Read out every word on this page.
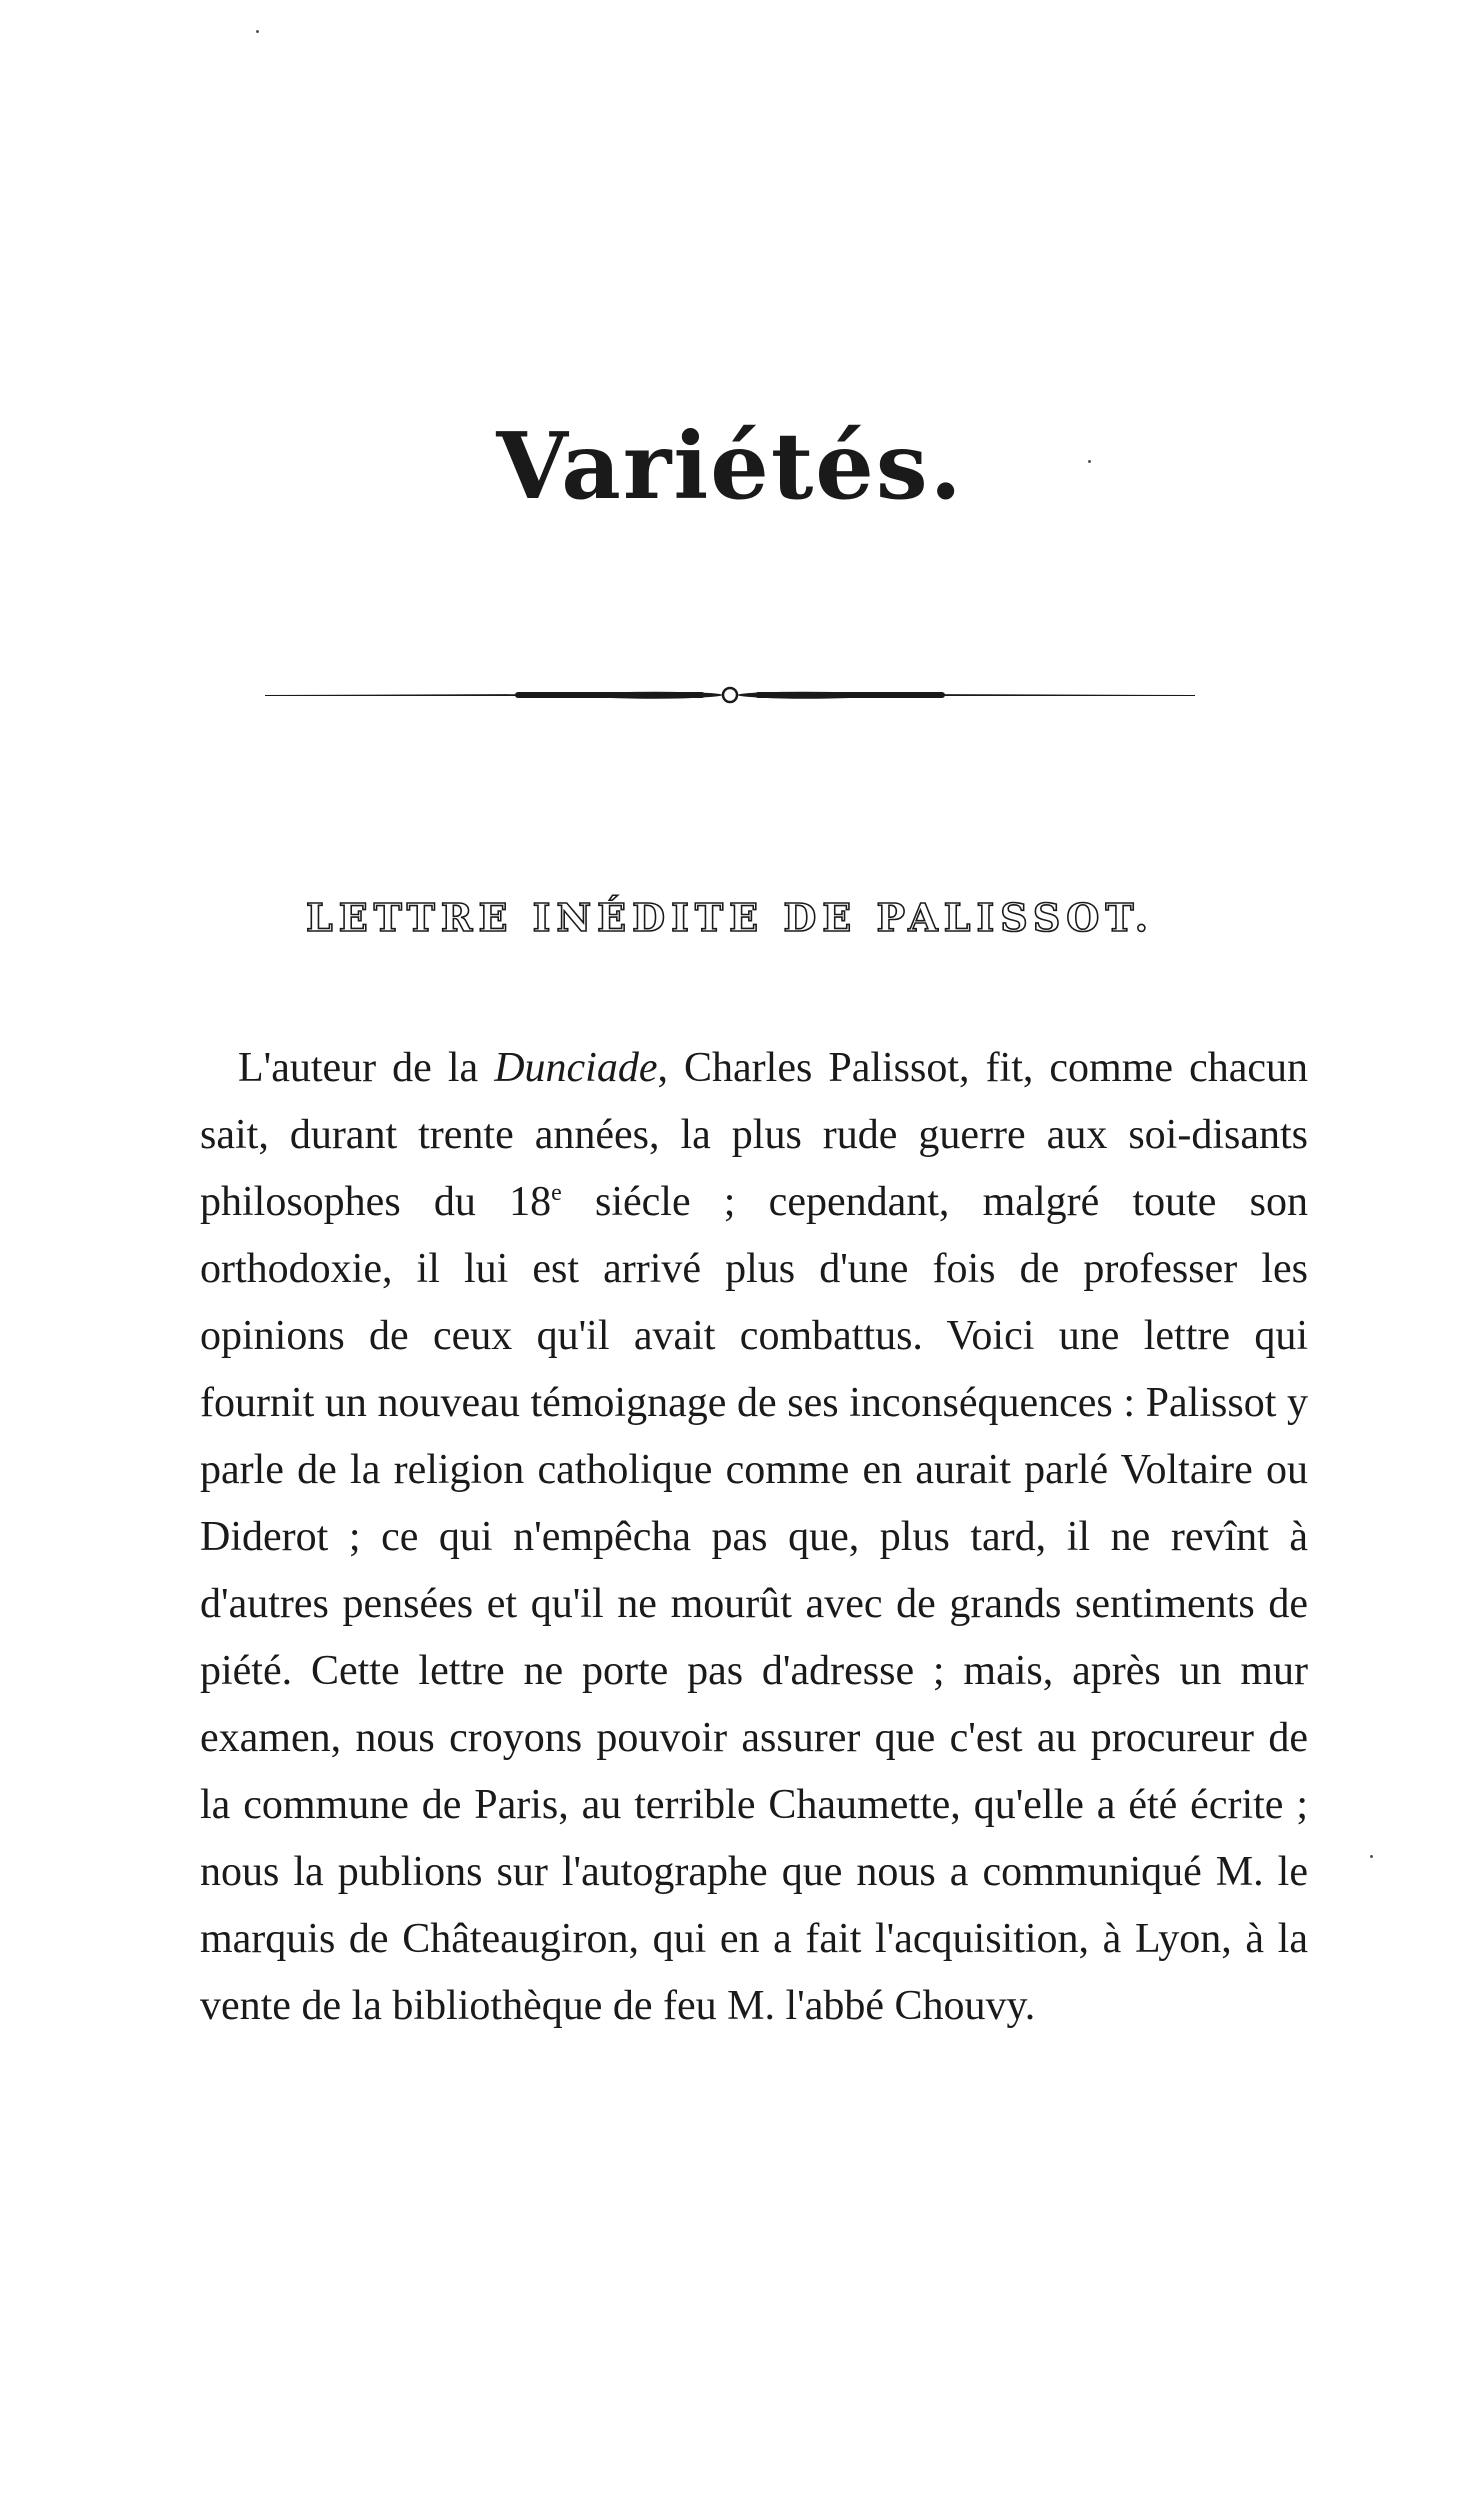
Variétés.
LETTRE INÉDITE DE PALISSOT.

L'auteur de la Dunciade, Charles Palissot, fit, comme chacun sait, durant trente années, la plus rude guerre aux soi-disants philosophes du 18e siécle ; cependant, malgré toute son orthodoxie, il lui est arrivé plus d'une fois de professer les opinions de ceux qu'il avait combattus. Voici une lettre qui fournit un nouveau témoignage de ses inconséquences : Palissot y parle de la religion catholique comme en aurait parlé Voltaire ou Diderot ; ce qui n'empêcha pas que, plus tard, il ne revînt à d'autres pensées et qu'il ne mourût avec de grands sentiments de piété. Cette lettre ne porte pas d'adresse ; mais, après un mur examen, nous croyons pouvoir assurer que c'est au procureur de la commune de Paris, au terrible Chaumette, qu'elle a été écrite ; nous la publions sur l'autographe que nous a communiqué M. le marquis de Châteaugiron, qui en a fait l'acquisition, à Lyon, à la vente de la bibliothèque de feu M. l'abbé Chouvy.
